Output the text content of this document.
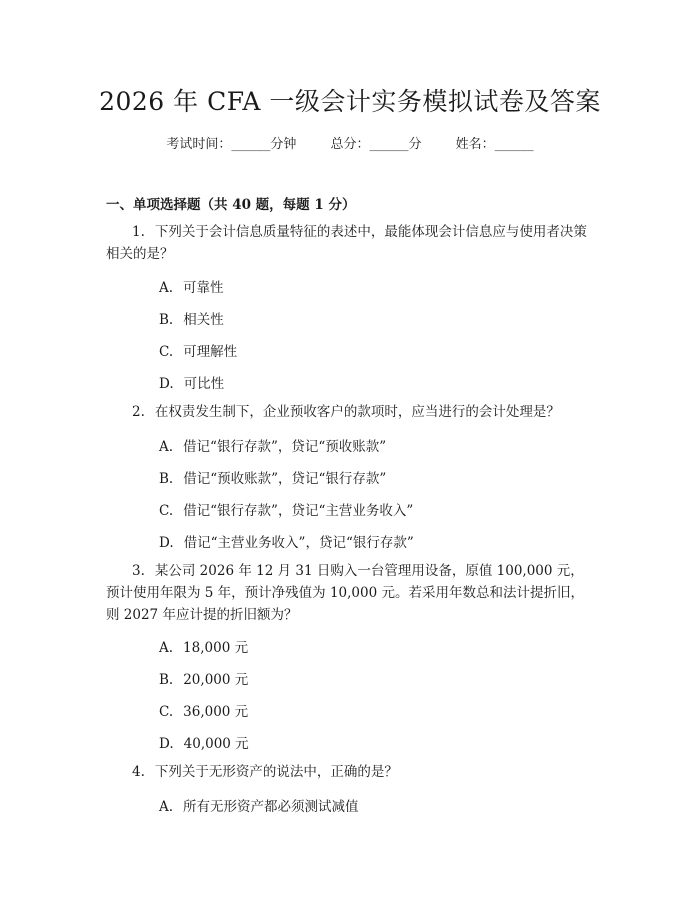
2026 年 CFA 一级会计实务模拟试卷及答案
考试时间：______分钟	总分：______分	姓名：______
一、单项选择题（共 40 题，每题 1 分）
1. 下列关于会计信息质量特征的表述中，最能体现会计信息应与使用者决策相关的是？
A. 可靠性
B. 相关性
C. 可理解性
D. 可比性
2. 在权责发生制下，企业预收客户的款项时，应当进行的会计处理是？
A. 借记“银行存款”，贷记“预收账款”
B. 借记“预收账款”，贷记“银行存款”
C. 借记“银行存款”，贷记“主营业务收入”
D. 借记“主营业务收入”，贷记“银行存款”
3. 某公司 2026 年 12 月 31 日购入一台管理用设备，原值 100,000 元，预计使用年限为 5 年，预计净残值为 10,000 元。若采用年数总和法计提折旧，则 2027 年应计提的折旧额为？
A. 18,000 元
B. 20,000 元
C. 36,000 元
D. 40,000 元
4. 下列关于无形资产的说法中，正确的是？
A. 所有无形资产都必须测试减值
